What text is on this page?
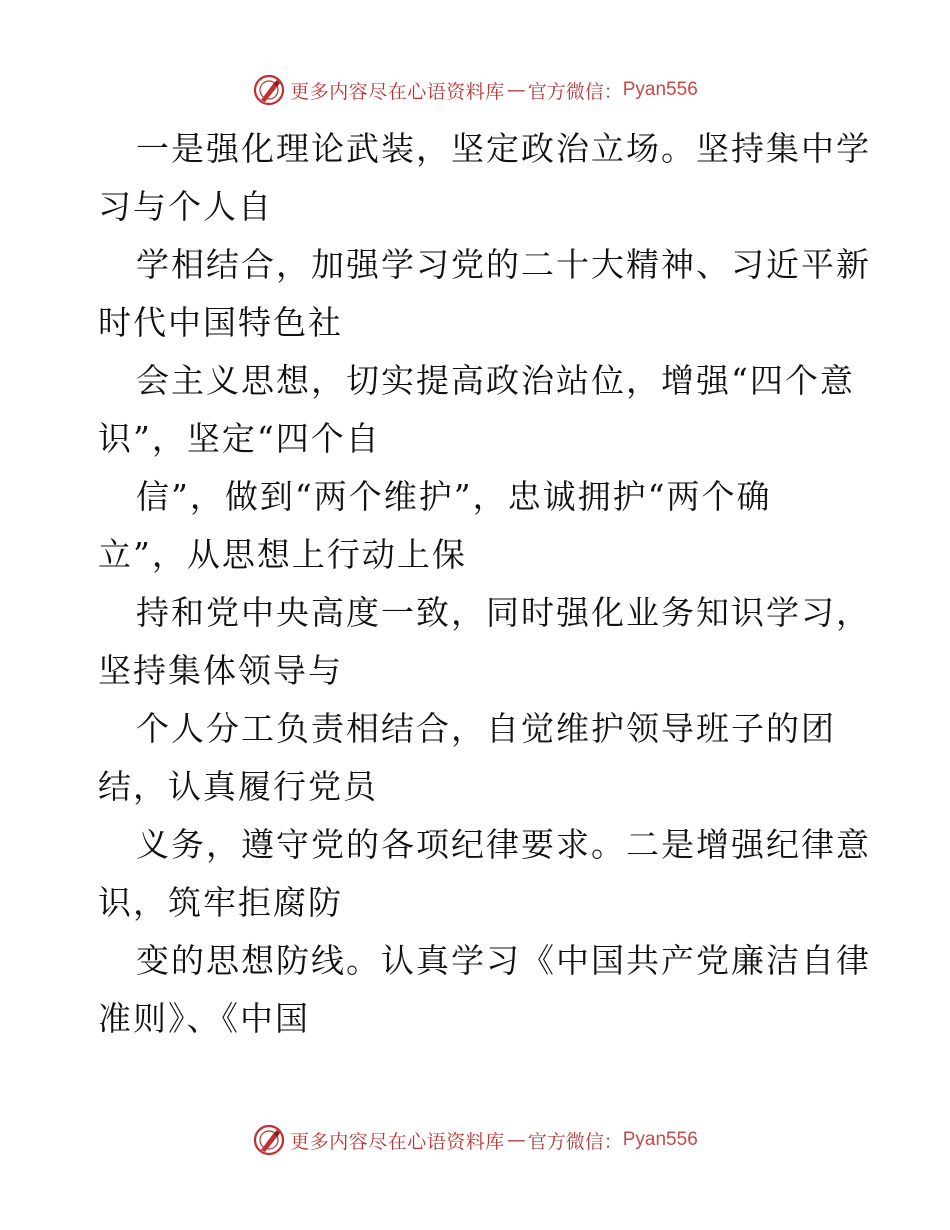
更多内容尽在心语资料库 — 官方微信： Pyan556
一是强化理论武装，坚定政治立场。坚持集中学
习与个人自
学相结合，加强学习党的二十大精神、习近平新
时代中国特色社
会主义思想，切实提高政治站位，增强“四个意
识”，坚定“四个自
信”，做到“两个维护”，忠诚拥护“两个确
立”，从思想上行动上保
持和党中央高度一致，同时强化业务知识学习，
坚持集体领导与
个人分工负责相结合，自觉维护领导班子的团
结，认真履行党员
义务，遵守党的各项纪律要求。二是增强纪律意
识，筑牢拒腐防
变的思想防线。认真学习《中国共产党廉洁自律
准则》、《中国
更多内容尽在心语资料库 — 官方微信： Pyan556
